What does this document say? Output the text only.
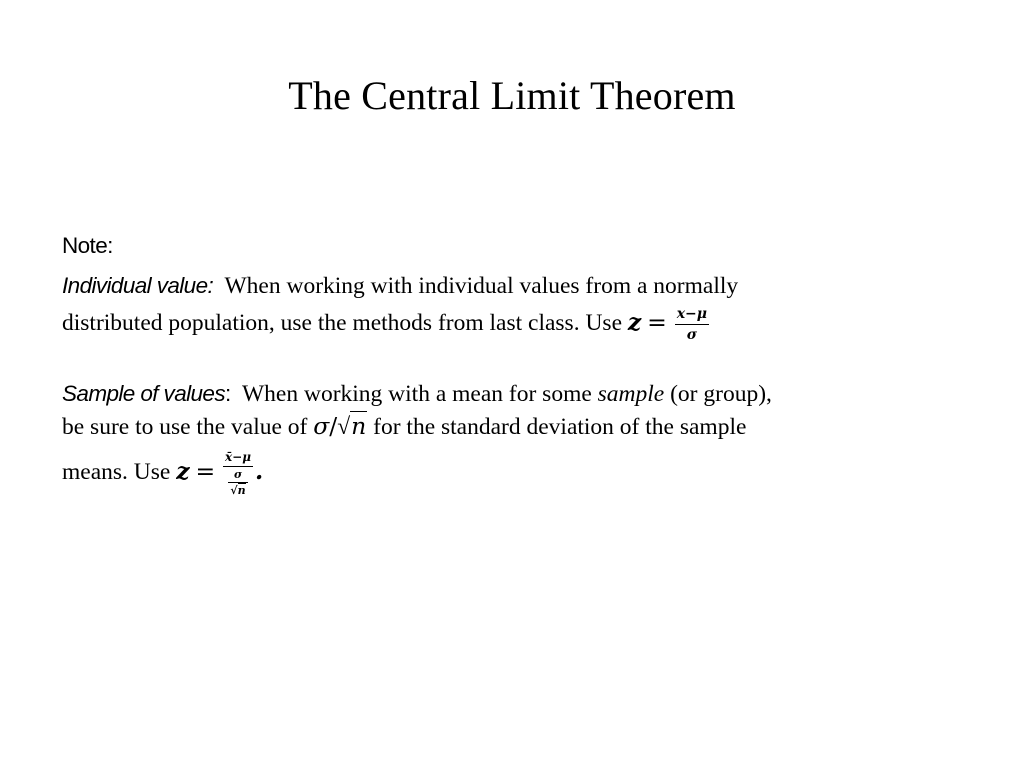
The Central Limit Theorem
Note:
Individual value: When working with individual values from a normally
distributed population, use the methods from last class. Use $z = \frac{x-\mu}{\sigma}$
Sample of values: When working with a mean for some sample (or group),
be sure to use the value of σ/√n for the standard deviation of the sample
means. Use $z = \frac{x̄-\mu}{\frac{\sigma}{√n}}$ .
